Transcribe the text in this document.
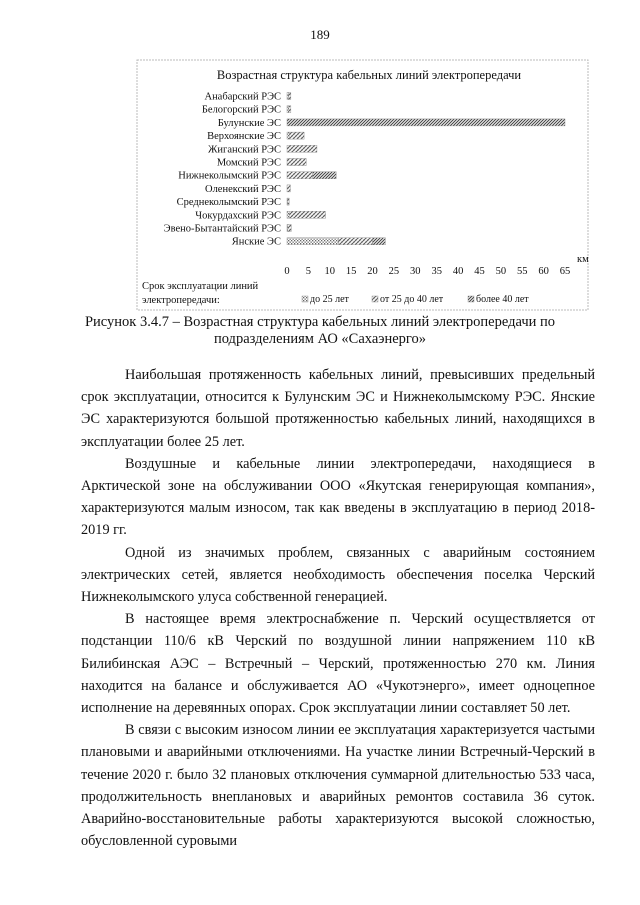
189
Возрастная структура кабельных линий электропередачи
Анабарский РЭС
Белогорский РЭС
Булунские ЭС
Верхоянские ЭС
Жиганский РЭС
Момский РЭС
Нижнеколымский РЭС
Оленекский РЭС
Среднеколымский РЭС
Чокурдахский РЭС
Эвено-Бытантайский РЭС
Янские ЭС
0 5 10 15 20 25 30 35 40 45 50 55 60 65
км
Срок эксплуатации линий
электропередачи:	до 25 лет	от 25 до 40 лет	более 40 лет
Рисунок 3.4.7 – Возрастная структура кабельных линий электропередачи по подразделениям АО «Сахаэнерго»

Наибольшая протяженность кабельных линий, превысивших предельный срок эксплуатации, относится к Булунским ЭС и Нижнеколымскому РЭС. Янские ЭС характеризуются большой протяженностью кабельных линий, находящихся в эксплуатации более 25 лет.

Воздушные и кабельные линии электропередачи, находящиеся в Арктической зоне на обслуживании ООО «Якутская генерирующая компания», характеризуются малым износом, так как введены в эксплуатацию в период 2018-2019 гг.

Одной из значимых проблем, связанных с аварийным состоянием электрических сетей, является необходимость обеспечения поселка Черский Нижнеколымского улуса собственной генерацией.

В настоящее время электроснабжение п. Черский осуществляется от подстанции 110/6 кВ Черский по воздушной линии напряжением 110 кВ Билибинская АЭС – Встречный – Черский, протяженностью 270 км. Линия находится на балансе и обслуживается АО «Чукотэнерго», имеет одноцепное исполнение на деревянных опорах. Срок эксплуатации линии составляет 50 лет.

В связи с высоким износом линии ее эксплуатация характеризуется частыми плановыми и аварийными отключениями. На участке линии Встречный-Черский в течение 2020 г. было 32 плановых отключения суммарной длительностью 533 часа, продолжительность внеплановых и аварийных ремонтов составила 36 суток. Аварийно-восстановительные работы характеризуются высокой сложностью, обусловленной суровыми
